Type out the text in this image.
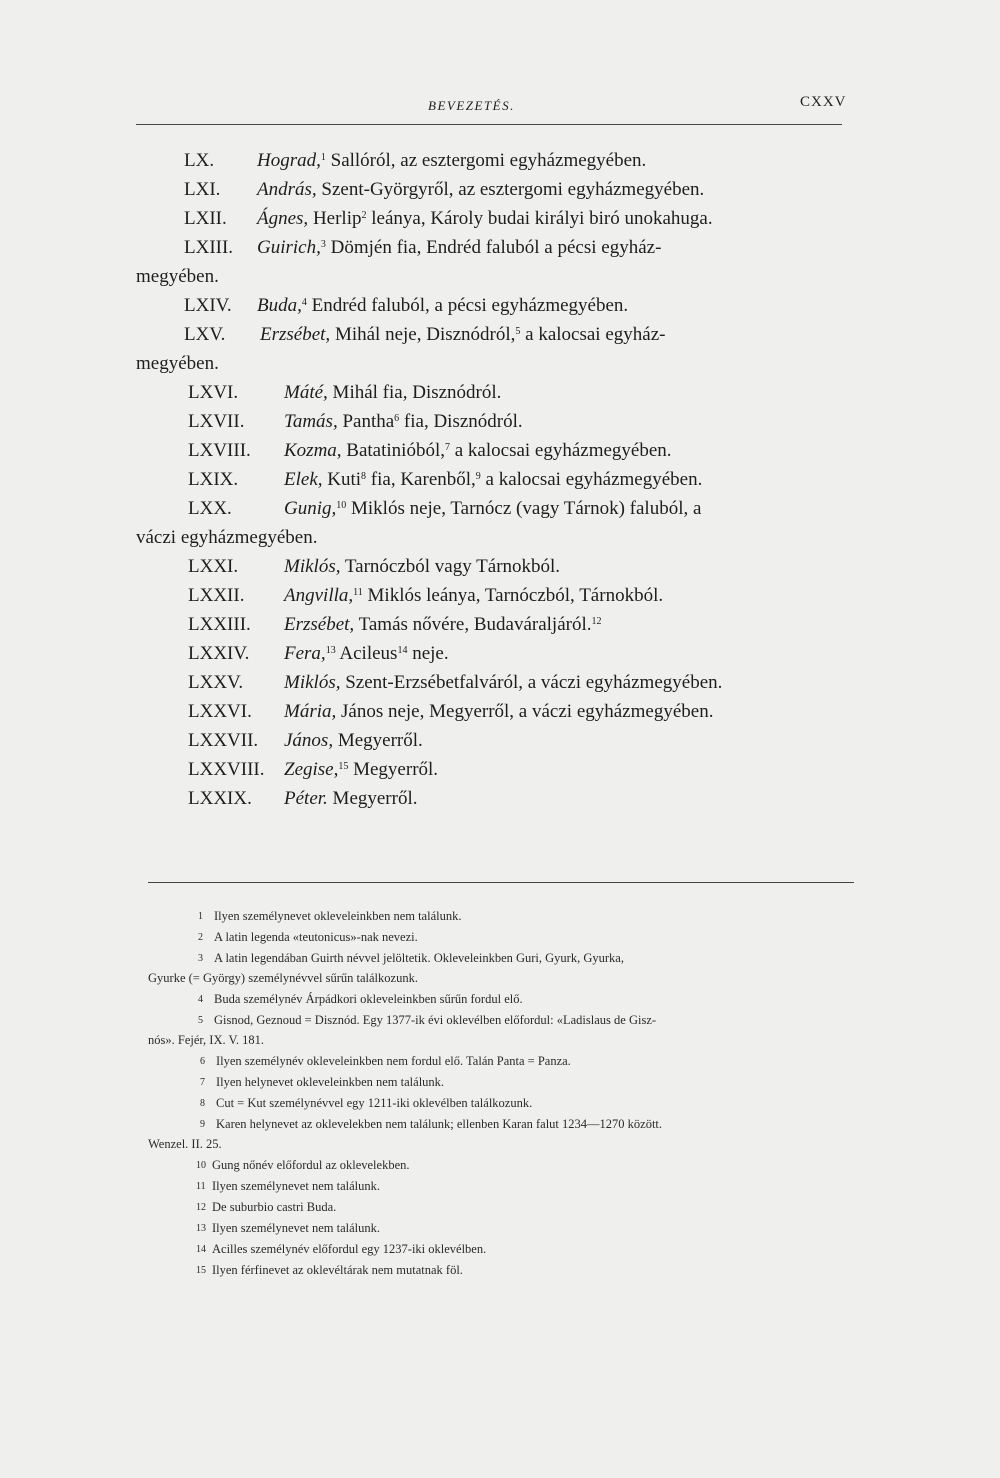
BEVEZETÉS.	CXXV
LX. Hograd,$^1$ Sallóról, az esztergomi egyházmegyében.
LXI. András, Szent-Györgyről, az esztergomi egyházmegyében.
LXII. Ágnes, Herlip$^2$ leánya, Károly budai királyi biró unokahuga.
LXIII. Guirich,$^3$ Dömjén fia, Endréd faluból a pécsi egyház-
megyében.
LXIV. Buda,$^4$ Endréd faluból, a pécsi egyházmegyében.
LXV. Erzsébet, Mihál neje, Disznódról,$^5$ a kalocsai egyház-
megyében.
LXVI. Máté, Mihál fia, Disznódról.
LXVII. Tamás, Pantha$^6$ fia, Disznódról.
LXVIII. Kozma, Batatinióból,$^7$ a kalocsai egyházmegyében.
LXIX. Elek, Kuti$^8$ fia, Karenből,$^9$ a kalocsai egyházmegyében.
LXX.	Gunig,$^{10}$ Miklós neje, Tarnócz (vagy Tárnok) faluból, a
váczi egyházmegyében.
LXXI. Miklós, Tarnóczból vagy Tárnokból.
LXXII. Angvilla,$^{11}$ Miklós leánya, Tarnóczból, Tárnokból.
LXXIII. Erzsébet, Tamás nővére, Budaváraljáról.$^{12}$
LXXIV. Fera,$^{13}$ Acileus$^{14}$ neje.
LXXV. Miklós, Szent-Erzsébetfalváról, a váczi egyházmegyében.
LXXVI. Mária, János neje, Megyerről, a váczi egyházmegyében.
LXXVII. János, Megyerről.
LXXVIII. Zegise,$^{15}$ Megyerről.
LXXIX. Péter. Megyerről.
1 Ilyen személynevet okleveleinkben nem találunk.
2 A latin legenda «teutonicus»-nak nevezi.
3 A latin legendában Guirth névvel jelöltetik. Okleveleinkben Guri, Gyurk, Gyurka,
Gyurke (= György) személynévvel sűrűn találkozunk.
4 Buda személynév Árpádkori okleveleinkben sűrűn fordul elő.
5 Gisnod, Geznoud = Disznód. Egy 1377-ik évi oklevélben előfordul: «Ladislaus de Gisz-
nós». Fejér, IX. V. 181.
6 Ilyen személynév okleveleinkben nem fordul elő. Talán Panta = Panza.
7 Ilyen helynevet okleveleinkben nem találunk.
8 Cut = Kut személynévvel egy 1211-iki oklevélben találkozunk.
9 Karen helynevet az oklevelekben nem találunk; ellenben Karan falut 1234—1270 között.
Wenzel. II. 25.
10 Gung nőnév előfordul az oklevelekben.
11 Ilyen személynevet nem találunk.
12 De suburbio castri Buda.
13 Ilyen személynevet nem találunk.
14 Acilles személynév előfordul egy 1237-iki oklevélben.
15 Ilyen férfinevet az oklevéltárak nem mutatnak föl.
